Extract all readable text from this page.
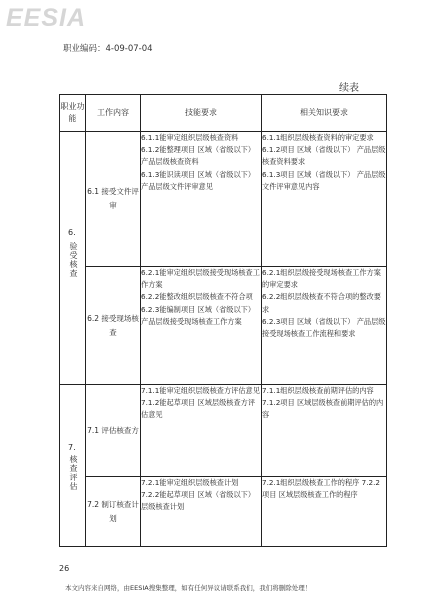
EESIA
职业编码：4-09-07-04
续表
职业功能	工作内容	技能要求	相关知识要求

6.
验受核查	6.1 接受文件评审	6.1.1能审定组织层级核查资料
6.1.2能整理项目 区域（省级以下） 产品层级核查资料
6.1.3能识读项目 区域（省级以下） 产品层级文件评审意见	6.1.1组织层级核查资料的审定要求
6.1.2项目 区域（省级以下） 产品层级核查资料要求
6.1.3项目 区域（省级以下） 产品层级文件评审意见内容
	6.2 接受现场核查	6.2.1能审定组织层级接受现场核查工作方案
6.2.2能整改组织层级核查不符合项
6.2.3能编制项目 区域（省级以下） 产品层级接受现场核查工作方案	6.2.1组织层级接受现场核查工作方案的审定要求
6.2.2组织层级核查不符合项的整改要求
6.2.3项目 区域（省级以下） 产品层级接受现场核查工作流程和要求

7.
核查评估	7.1 评估核查方	7.1.1能审定组织层级核查方评估意见
7.1.2能起草项目 区域层级核查方评估意见	7.1.1组织层级核查前期评估的内容
7.1.2项目 区域层级核查前期评估的内容
	7.2 制订核查计划	7.2.1能审定组织层级核查计划
7.2.2能起草项目 区域（省级以下） 层级核查计划	7.2.1组织层级核查工作的程序 7.2.2项目 区域层级核查工作的程序
26
本文内容来自网络，由EESIA搜集整理，如有任何异议请联系我们，我们将删除处理！
